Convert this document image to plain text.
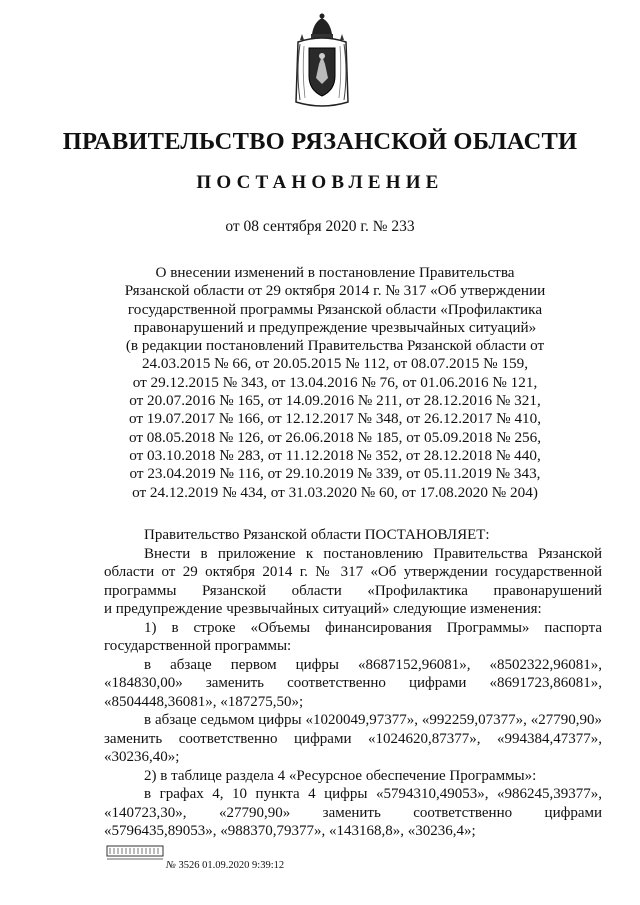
ПРАВИТЕЛЬСТВО РЯЗАНСКОЙ ОБЛАСТИ
ПОСТАНОВЛЕНИЕ
от 08 сентября 2020 г. № 233
О внесении изменений в постановление Правительства
Рязанской области от 29 октября 2014 г. № 317 «Об утверждении
государственной программы Рязанской области «Профилактика
правонарушений и предупреждение чрезвычайных ситуаций»
(в редакции постановлений Правительства Рязанской области от
24.03.2015 № 66, от 20.05.2015 № 112, от 08.07.2015 № 159,
от 29.12.2015 № 343, от 13.04.2016 № 76, от 01.06.2016 № 121,
от 20.07.2016 № 165, от 14.09.2016 № 211, от 28.12.2016 № 321,
от 19.07.2017 № 166, от 12.12.2017 № 348, от 26.12.2017 № 410,
от 08.05.2018 № 126, от 26.06.2018 № 185, от 05.09.2018 № 256,
от 03.10.2018 № 283, от 11.12.2018 № 352, от 28.12.2018 № 440,
от 23.04.2019 № 116, от 29.10.2019 № 339, от 05.11.2019 № 343,
от 24.12.2019 № 434, от 31.03.2020 № 60, от 17.08.2020 № 204)
Правительство Рязанской области ПОСТАНОВЛЯЕТ:
Внести в приложение к постановлению Правительства Рязанской
области от 29 октября 2014 г. № 317 «Об утверждении государственной
программы Рязанской области «Профилактика правонарушений
и предупреждение чрезвычайных ситуаций» следующие изменения:
1) в строке «Объемы финансирования Программы» паспорта
государственной программы:
в абзаце первом цифры «8687152,96081», «8502322,96081»,
«184830,00» заменить соответственно цифрами «8691723,86081»,
«8504448,36081», «187275,50»;
в абзаце седьмом цифры «1020049,97377», «992259,07377», «27790,90»
заменить соответственно цифрами «1024620,87377», «994384,47377»,
«30236,40»;
2) в таблице раздела 4 «Ресурсное обеспечение Программы»:
в графах 4, 10 пункта 4 цифры «5794310,49053», «986245,39377»,
«140723,30», «27790,90» заменить соответственно цифрами
«5796435,89053», «988370,79377», «143168,8», «30236,4»;
№ 3526 01.09.2020 9:39:12
